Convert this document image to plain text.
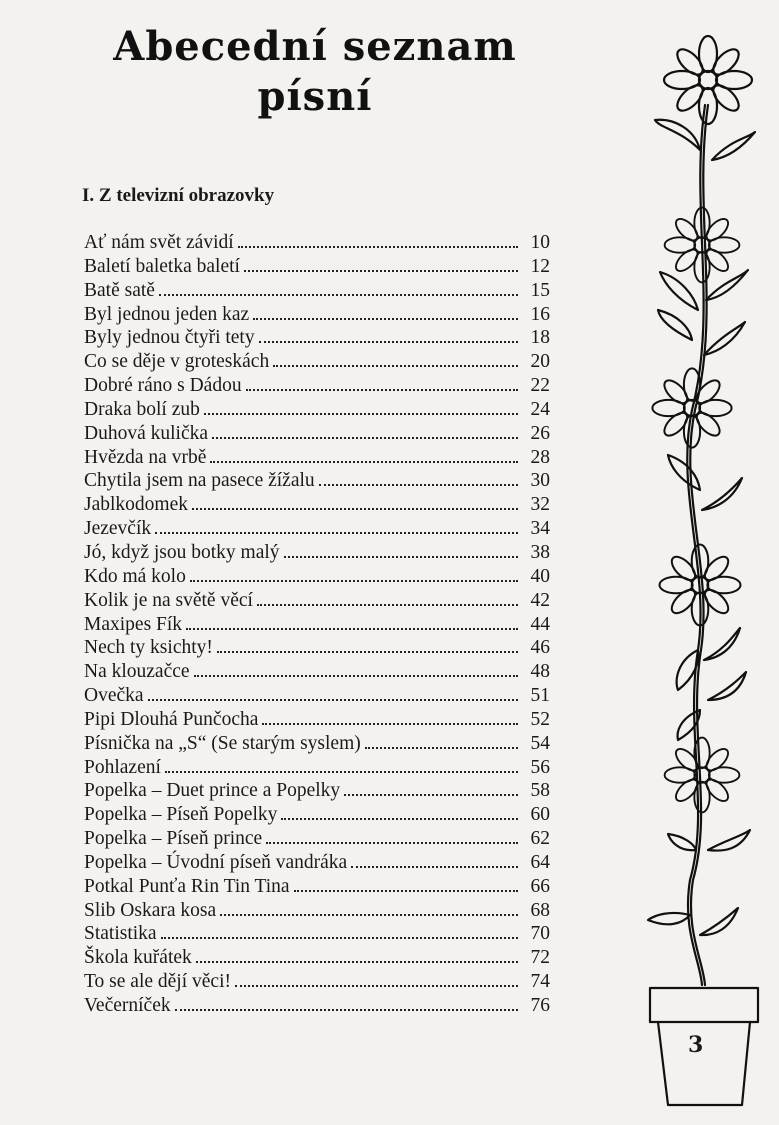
Abecední seznam
písní
I. Z televizní obrazovky
Ať nám svět závidí	10
Baletí baletka baletí	12
Batě satě	15
Byl jednou jeden kaz	16
Byly jednou čtyři tety	18
Co se děje v groteskách	20
Dobré ráno s Dádou	22
Draka bolí zub	24
Duhová kulička	26
Hvězda na vrbě	28
Chytila jsem na pasece žížalu	30
Jablkodomek	32
Jezevčík	34
Jó, když jsou botky malý	38
Kdo má kolo	40
Kolik je na světě věcí	42
Maxipes Fík	44
Nech ty ksichty!	46
Na klouzačce	48
Ovečka	51
Pipi Dlouhá Punčocha	52
Písnička na „S“ (Se starým syslem)	54
Pohlazení	56
Popelka – Duet prince a Popelky	58
Popelka – Píseň Popelky	60
Popelka – Píseň prince	62
Popelka – Úvodní píseň vandráka	64
Potkal Punťa Rin Tin Tina	66
Slib Oskara kosa	68
Statistika	70
Škola kuřátek	72
To se ale dějí věci!	74
Večerníček	76
3
